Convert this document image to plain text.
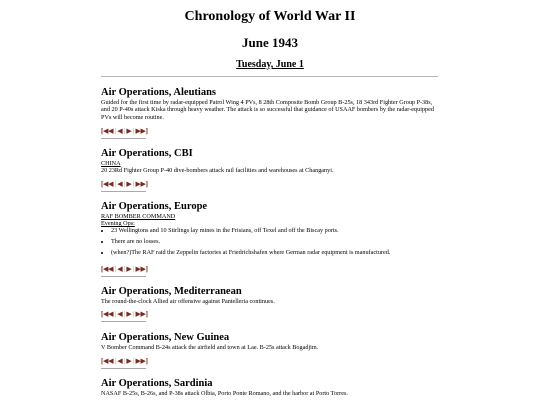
Chronology of World War II
June 1943
Tuesday, June 1
Air Operations, Aleutians
Guided for the first time by radar-equipped Patrol Wing 4 PVs, 8 28th Composite Bomb Group B-25s, 18 343rd Fighter Group P-38s, and 20 P-40s attack Kiska through heavy weather. The attack is so successful that guidance of USAAF bombers by the radar-equipped PVs will become routine.
[◀◀ | ◀ | ▶ | ▶▶]
Air Operations, CBI
CHINA
20 23Rd Fighter Group P-40 dive-bombers attack rail facilities and warehouses at Changanyi.
[◀◀ | ◀ | ▶ | ▶▶]
Air Operations, Europe
RAF BOMBER COMMAND
Evening Ops:
• 23 Wellingtons and 10 Stirlings lay mines in the Frisians, off Texel and off the Biscay ports.
• There are no losses.
• (when?)The RAF raid the Zeppelin factories at Friedrichshafen where German radar equipment is manufactured.
[◀◀ | ◀ | ▶ | ▶▶]
Air Operations, Mediterranean
The round-the-clock Allied air offensive against Pantelleria continues.
[◀◀ | ◀ | ▶ | ▶▶]
Air Operations, New Guinea
V Bomber Command B-24s attack the airfield and town at Lae. B-25s attack Bogadjim.
[◀◀ | ◀ | ▶ | ▶▶]
Air Operations, Sardinia
NASAF B-25s, B-26s, and P-38s attack Olbia, Porto Ponte Romano, and the harbor at Porto Torres.
